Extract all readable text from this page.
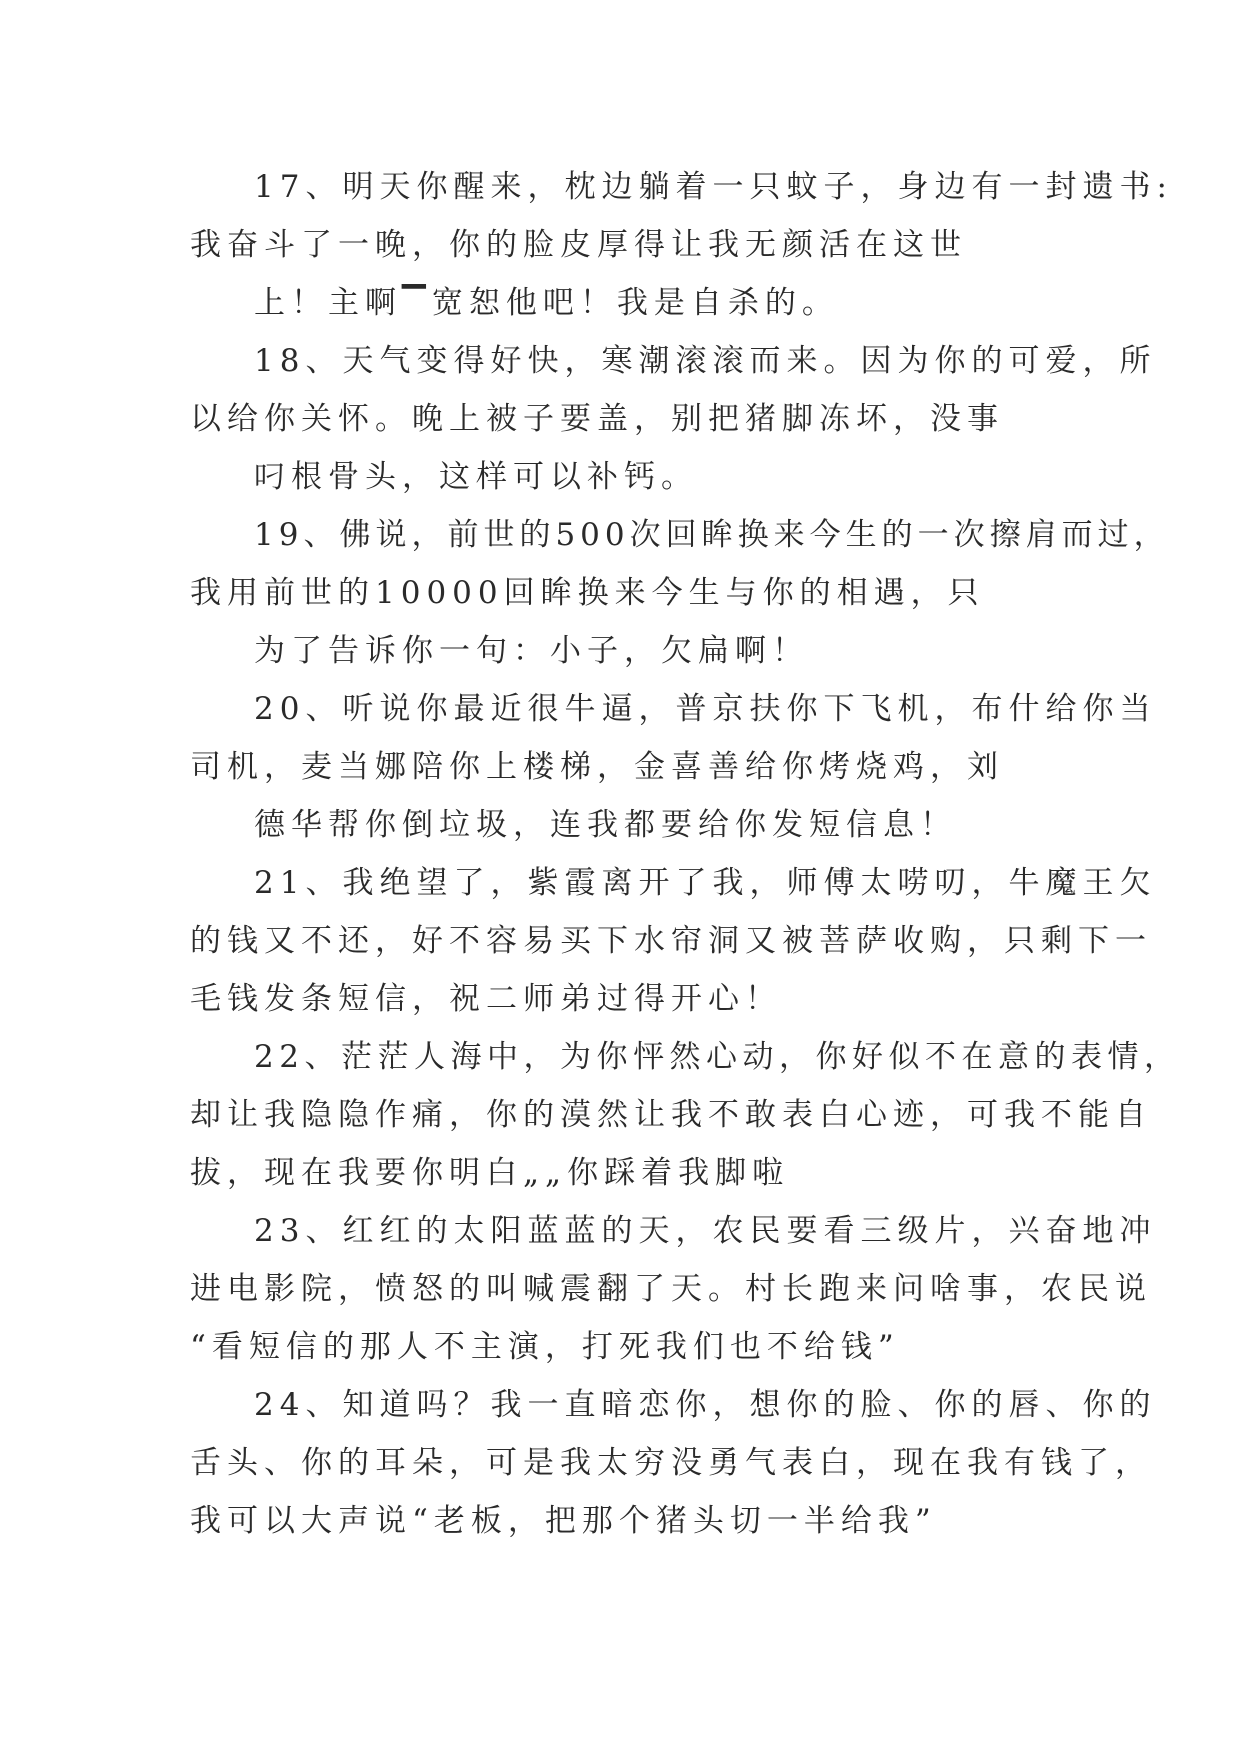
17、明天你醒来，枕边躺着一只蚊子，身边有一封遗书:
我奋斗了一晚，你的脸皮厚得让我无颜活在这世
上！主啊▔宽恕他吧！我是自杀的。
18、天气变得好快，寒潮滚滚而来。因为你的可爱，所
以给你关怀。晚上被子要盖，别把猪脚冻坏，没事
叼根骨头，这样可以补钙。
19、佛说，前世的500次回眸换来今生的一次擦肩而过，
我用前世的10000回眸换来今生与你的相遇，只
为了告诉你一句：小子，欠扁啊！
20、听说你最近很牛逼，普京扶你下飞机，布什给你当
司机，麦当娜陪你上楼梯，金喜善给你烤烧鸡，刘
德华帮你倒垃圾，连我都要给你发短信息！
21、我绝望了，紫霞离开了我，师傅太唠叨，牛魔王欠
的钱又不还，好不容易买下水帘洞又被菩萨收购，只剩下一
毛钱发条短信，祝二师弟过得开心！
22、茫茫人海中，为你怦然心动，你好似不在意的表情，
却让我隐隐作痛，你的漠然让我不敢表白心迹，可我不能自
拔，现在我要你明白„„你踩着我脚啦
23、红红的太阳蓝蓝的天，农民要看三级片，兴奋地冲
进电影院，愤怒的叫喊震翻了天。村长跑来问啥事，农民说
“看短信的那人不主演，打死我们也不给钱”
24、知道吗？我一直暗恋你，想你的脸、你的唇、你的
舌头、你的耳朵，可是我太穷没勇气表白，现在我有钱了，
我可以大声说“老板，把那个猪头切一半给我”
